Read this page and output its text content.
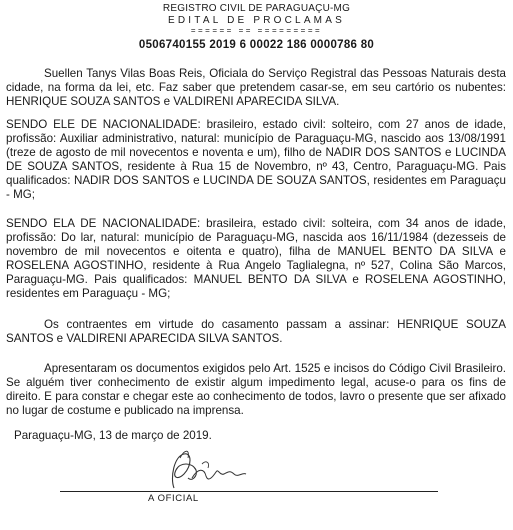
REGISTRO CIVIL DE PARAGUAÇU-MG
EDITAL DE PROCLAMAS
====== == =========
0506740155 2019 6 00022 186 0000786 80

Suellen Tanys Vilas Boas Reis, Oficiala do Serviço Registral das Pessoas Naturais desta cidade, na forma da lei, etc. Faz saber que pretendem casar-se, em seu cartório os nubentes: HENRIQUE SOUZA SANTOS e VALDIRENI APARECIDA SILVA.

SENDO ELE DE NACIONALIDADE: brasileiro, estado civil: solteiro, com 27 anos de idade, profissão: Auxiliar administrativo, natural: município de Paraguaçu-MG, nascido aos 13/08/1991 (treze de agosto de mil novecentos e noventa e um), filho de NADIR DOS SANTOS e LUCINDA DE SOUZA SANTOS, residente à Rua 15 de Novembro, nº 43, Centro, Paraguaçu-MG. Pais qualificados: NADIR DOS SANTOS e LUCINDA DE SOUZA SANTOS, residentes em Paraguaçu - MG;

SENDO ELA DE NACIONALIDADE: brasileira, estado civil: solteira, com 34 anos de idade, profissão: Do lar, natural: município de Paraguaçu-MG, nascida aos 16/11/1984 (dezesseis de novembro de mil novecentos e oitenta e quatro), filha de MANUEL BENTO DA SILVA e ROSELENA AGOSTINHO, residente à Rua Angelo Taglialegna, nº 527, Colina São Marcos, Paraguaçu-MG. Pais qualificados: MANUEL BENTO DA SILVA e ROSELENA AGOSTINHO, residentes em Paraguaçu - MG;

Os contraentes em virtude do casamento passam a assinar: HENRIQUE SOUZA SANTOS e VALDIRENI APARECIDA SILVA SANTOS.

Apresentaram os documentos exigidos pelo Art. 1525 e incisos do Código Civil Brasileiro. Se alguém tiver conhecimento de existir algum impedimento legal, acuse-o para os fins de direito. E para constar e chegar este ao conhecimento de todos, lavro o presente que ser afixado no lugar de costume e publicado na imprensa.

Paraguaçu-MG, 13 de março de 2019.
A OFICIAL
